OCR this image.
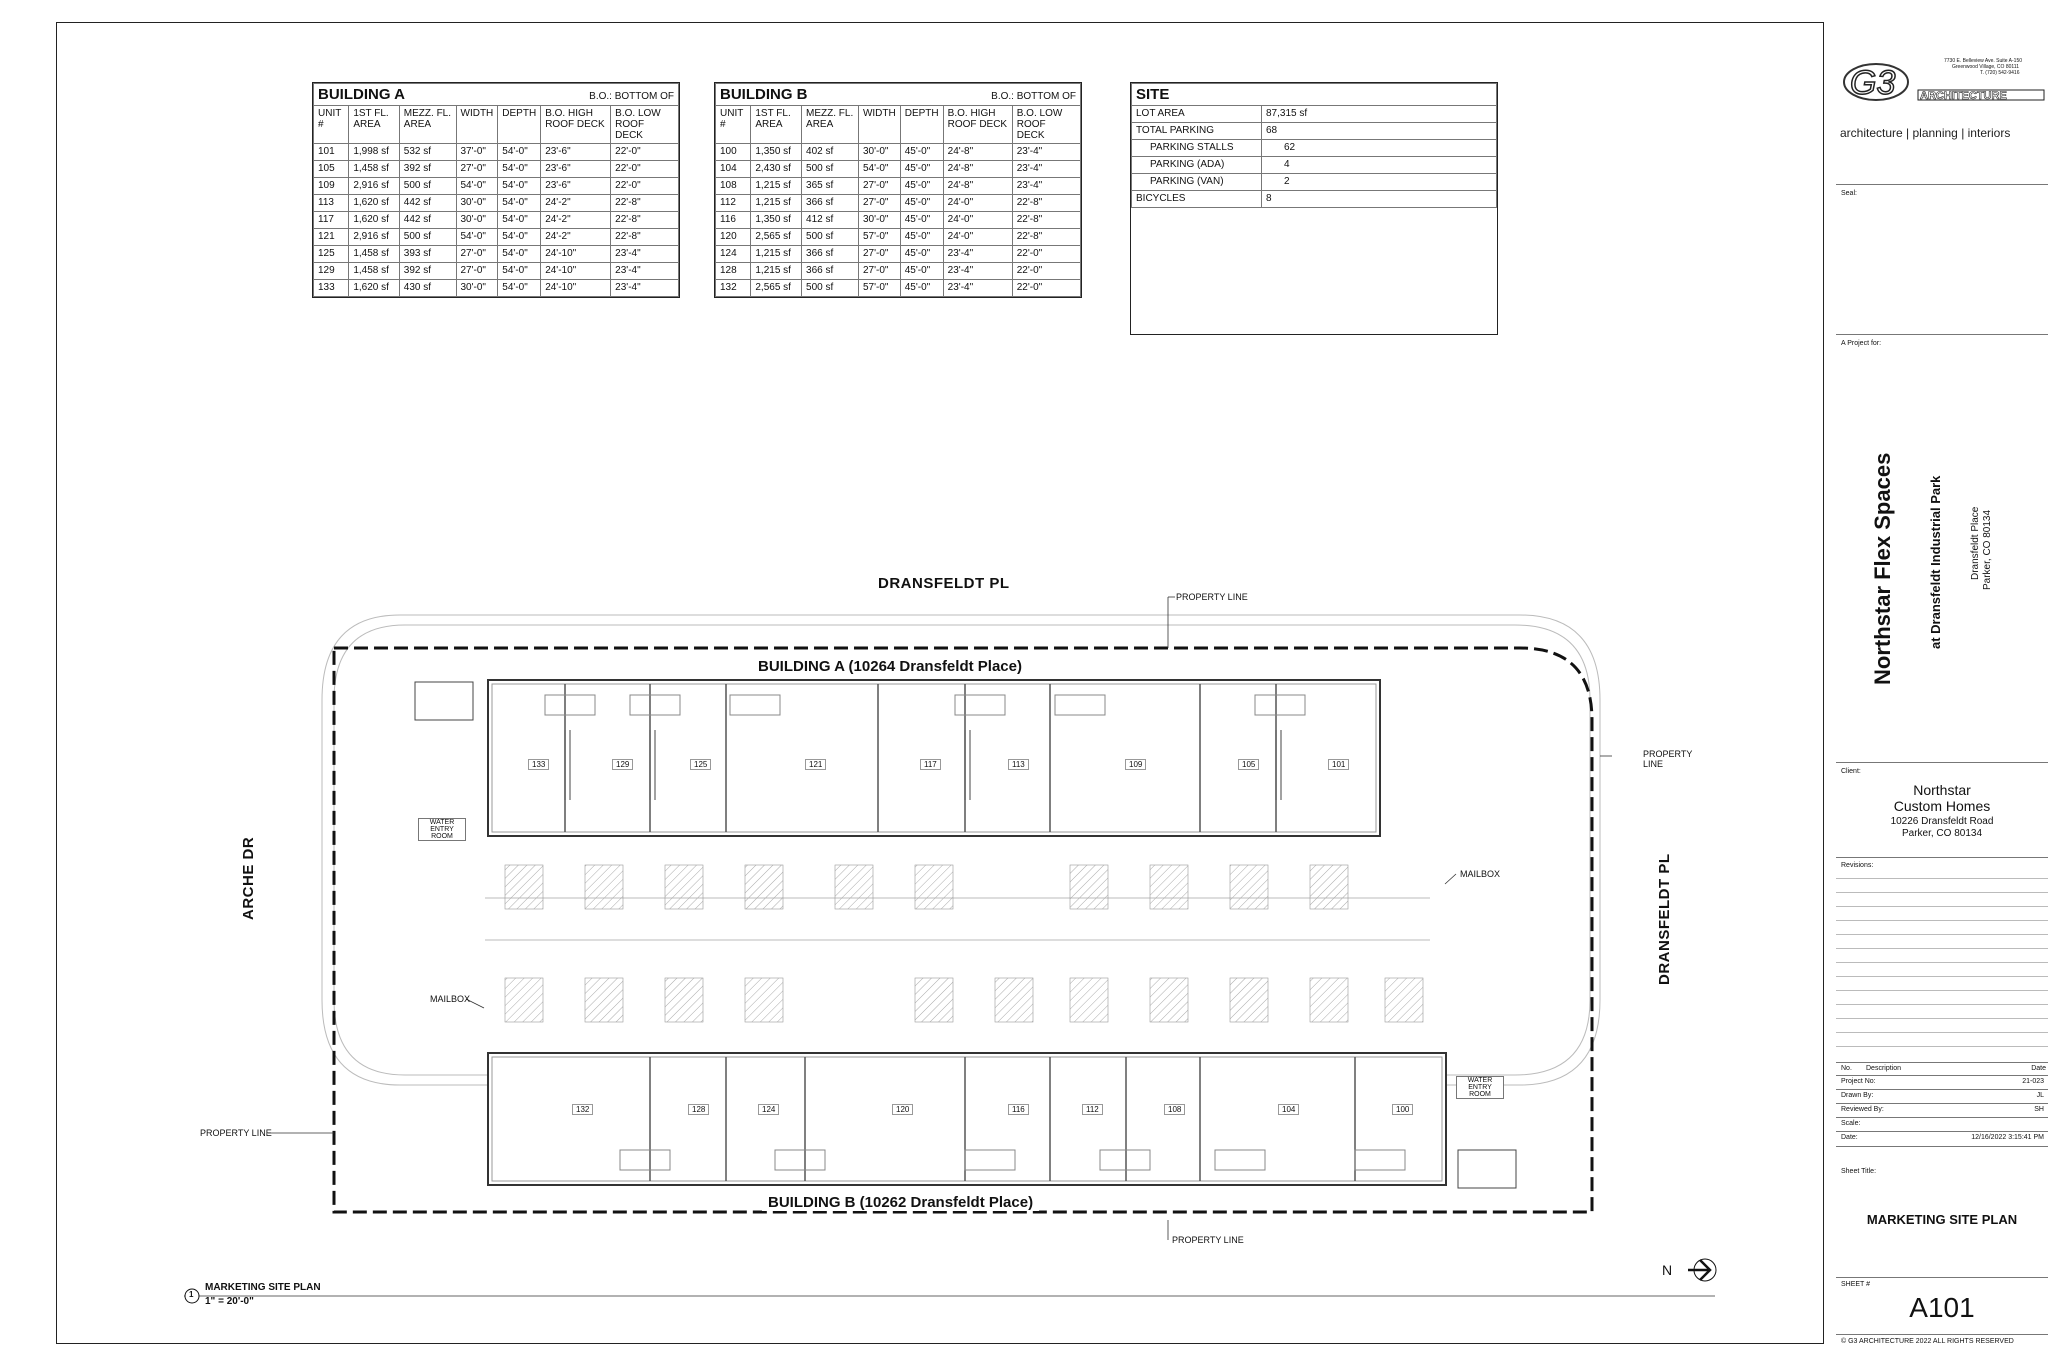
BUILDING A B.O.: BOTTOM OF						

UNIT #	1ST FL. AREA	MEZZ. FL. AREA	WIDTH	DEPTH	B.O. HIGH ROOF DECK	B.O. LOW ROOF DECK
101	1,998 sf	532 sf	37'-0"	54'-0"	23'-6"	22'-0"
105	1,458 sf	392 sf	27'-0"	54'-0"	23'-6"	22'-0"
109	2,916 sf	500 sf	54'-0"	54'-0"	23'-6"	22'-0"
113	1,620 sf	442 sf	30'-0"	54'-0"	24'-2"	22'-8"
117	1,620 sf	442 sf	30'-0"	54'-0"	24'-2"	22'-8"
121	2,916 sf	500 sf	54'-0"	54'-0"	24'-2"	22'-8"
125	1,458 sf	393 sf	27'-0"	54'-0"	24'-10"	23'-4"
129	1,458 sf	392 sf	27'-0"	54'-0"	24'-10"	23'-4"
133	1,620 sf	430 sf	30'-0"	54'-0"	24'-10"	23'-4"
BUILDING B B.O.: BOTTOM OF						

UNIT #	1ST FL. AREA	MEZZ. FL. AREA	WIDTH	DEPTH	B.O. HIGH ROOF DECK	B.O. LOW ROOF DECK
100	1,350 sf	402 sf	30'-0"	45'-0"	24'-8"	23'-4"
104	2,430 sf	500 sf	54'-0"	45'-0"	24'-8"	23'-4"
108	1,215 sf	365 sf	27'-0"	45'-0"	24'-8"	23'-4"
112	1,215 sf	366 sf	27'-0"	45'-0"	24'-0"	22'-8"
116	1,350 sf	412 sf	30'-0"	45'-0"	24'-0"	22'-8"
120	2,565 sf	500 sf	57'-0"	45'-0"	24'-0"	22'-8"
124	1,215 sf	366 sf	27'-0"	45'-0"	23'-4"	22'-0"
128	1,215 sf	366 sf	27'-0"	45'-0"	23'-4"	22'-0"
132	2,565 sf	500 sf	57'-0"	45'-0"	23'-4"	22'-0"
SITE	
LOT AREA	87,315 sf
TOTAL PARKING	68
PARKING STALLS	62
PARKING (ADA)	4
PARKING (VAN)	2
BICYCLES	8
DRANSFELDT PL
ARCHE DR	DRANSFELDT PL
BUILDING A (10264 Dransfeldt Place)
BUILDING B (10262 Dransfeldt Place)
PROPERTY LINE
PROPERTY LINE
PROPERTY LINE
PROPERTY LINE
MAILBOX
MAILBOX
WATER ENTRY ROOM
WATER ENTRY ROOM
133	129	125	121	117	113	109	105	101
132	128	124	120	116	112	108	104	100
N
1
MARKETING SITE PLAN
1" = 20'-0"
G3 ARCHITECTURE
7730 E. Belleview Ave. Suite A-150
Greenwood Village, CO 80111
T. (720) 542-9416
architecture | planning | interiors
Seal:
A Project for:
Northstar Flex Spaces	at Dransfeldt Industrial Park	Dransfeldt Place Parker, CO 80134
Client:
Northstar
Custom Homes
10226 Dransfeldt Road
Parker, CO 80134
Revisions:
No. Description	Date
Project No:	21-023
Drawn By:	JL
Reviewed By:	SH
Scale:
Date:	12/16/2022 3:15:41 PM
Sheet Title:
MARKETING SITE PLAN
SHEET #
A101
© G3 ARCHITECTURE 2022 ALL RIGHTS RESERVED
